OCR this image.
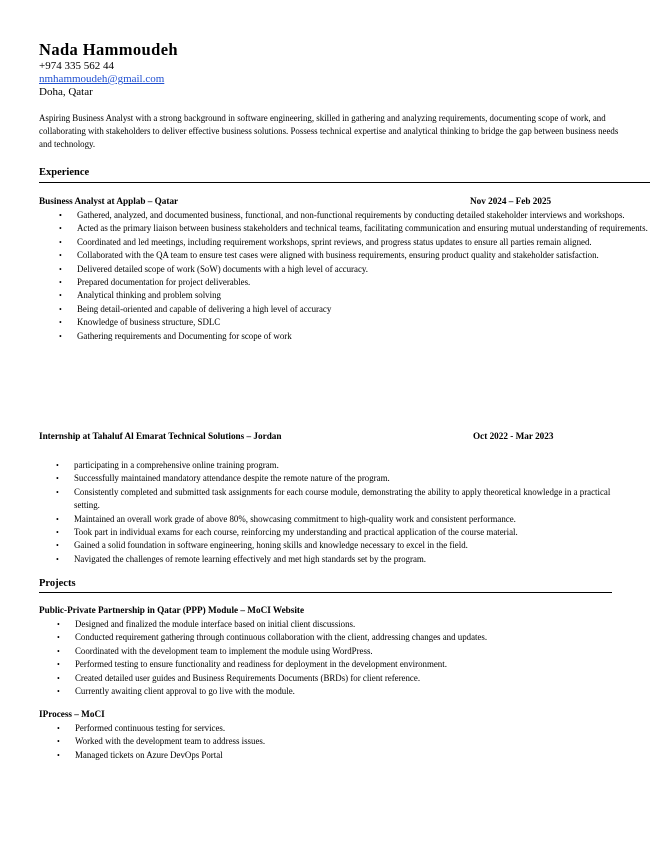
Nada Hammoudeh
+974 335 562 44
nmhammoudeh@gmail.com
Doha, Qatar
Aspiring Business Analyst with a strong background in software engineering, skilled in gathering and analyzing requirements, documenting scope of work, and collaborating with stakeholders to deliver effective business solutions. Possess technical expertise and analytical thinking to bridge the gap between business needs and technology.
Experience
Business Analyst at Applab – Qatar	Nov 2024 – Feb 2025
• Gathered, analyzed, and documented business, functional, and non-functional requirements by conducting detailed stakeholder interviews and workshops.
• Acted as the primary liaison between business stakeholders and technical teams, facilitating communication and ensuring mutual understanding of requirements.
• Coordinated and led meetings, including requirement workshops, sprint reviews, and progress status updates to ensure all parties remain aligned.
• Collaborated with the QA team to ensure test cases were aligned with business requirements, ensuring product quality and stakeholder satisfaction.
• Delivered detailed scope of work (SoW) documents with a high level of accuracy.
• Prepared documentation for project deliverables.
• Analytical thinking and problem solving
• Being detail-oriented and capable of delivering a high level of accuracy
• Knowledge of business structure, SDLC
• Gathering requirements and Documenting for scope of work
Internship at Tahaluf Al Emarat Technical Solutions – Jordan	Oct 2022 - Mar 2023
• participating in a comprehensive online training program.
• Successfully maintained mandatory attendance despite the remote nature of the program.
• Consistently completed and submitted task assignments for each course module, demonstrating the ability to apply theoretical knowledge in a practical setting.
• Maintained an overall work grade of above 80%, showcasing commitment to high-quality work and consistent performance.
• Took part in individual exams for each course, reinforcing my understanding and practical application of the course material.
• Gained a solid foundation in software engineering, honing skills and knowledge necessary to excel in the field.
• Navigated the challenges of remote learning effectively and met high standards set by the program.
Projects
Public-Private Partnership in Qatar (PPP) Module – MoCI Website
• Designed and finalized the module interface based on initial client discussions.
• Conducted requirement gathering through continuous collaboration with the client, addressing changes and updates.
• Coordinated with the development team to implement the module using WordPress.
• Performed testing to ensure functionality and readiness for deployment in the development environment.
• Created detailed user guides and Business Requirements Documents (BRDs) for client reference.
• Currently awaiting client approval to go live with the module.
IProcess – MoCI
• Performed continuous testing for services.
• Worked with the development team to address issues.
• Managed tickets on Azure DevOps Portal
